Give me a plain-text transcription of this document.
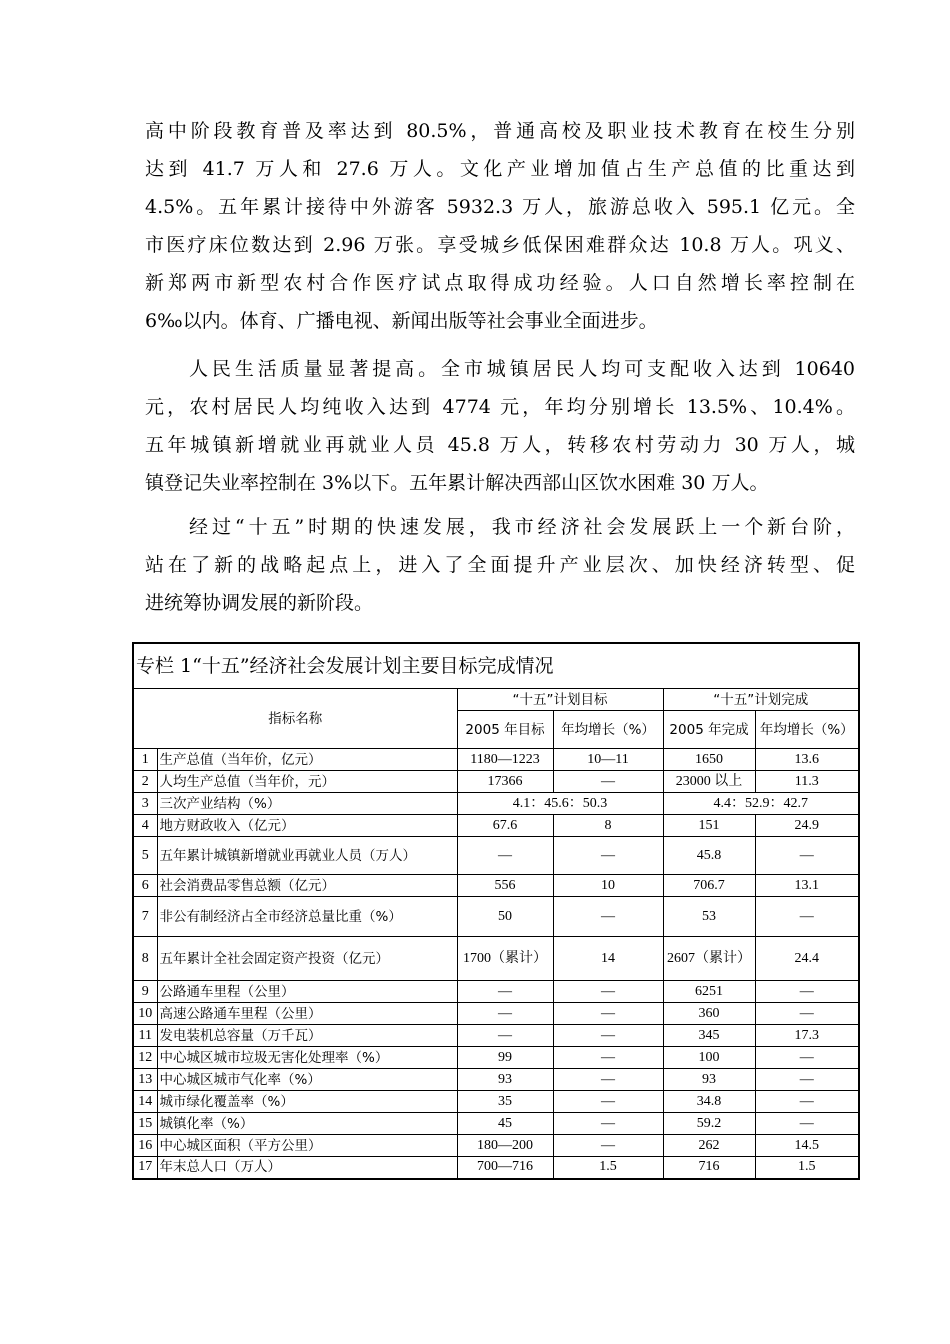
高中阶段教育普及率达到 80.5%，普通高校及职业技术教育在校生分别
达到 41.7 万人和 27.6 万人。文化产业增加值占生产总值的比重达到
4.5%。五年累计接待中外游客 5932.3 万人，旅游总收入 595.1 亿元。全
市医疗床位数达到 2.96 万张。享受城乡低保困难群众达 10.8 万人。巩义、
新郑两市新型农村合作医疗试点取得成功经验。人口自然增长率控制在
6‰以内。体育、广播电视、新闻出版等社会事业全面进步。
人民生活质量显著提高。全市城镇居民人均可支配收入达到 10640
元，农村居民人均纯收入达到 4774 元，年均分别增长 13.5%、10.4%。
五年城镇新增就业再就业人员 45.8 万人，转移农村劳动力 30 万人，城
镇登记失业率控制在 3%以下。五年累计解决西部山区饮水困难 30 万人。
经过“十五”时期的快速发展，我市经济社会发展跃上一个新台阶，
站在了新的战略起点上，进入了全面提升产业层次、加快经济转型、促
进统筹协调发展的新阶段。
专栏 1“十五”经济社会发展计划主要目标完成情况					
指标名称		“十五”计划目标		“十五”计划完成	
		2005 年目标	年均增长（%）	2005 年完成	年均增长（%）
1	生产总值（当年价，亿元）	1180—1223	10—11	1650	13.6
2	人均生产总值（当年价，元）	17366	—	23000 以上	11.3
3	三次产业结构（%）	4.1：45.6：50.3		4.4：52.9：42.7	
4	地方财政收入（亿元）	67.6	8	151	24.9
5	五年累计城镇新增就业再就业人员（万人）	—	—	45.8	—
6	社会消费品零售总额（亿元）	556	10	706.7	13.1
7	非公有制经济占全市经济总量比重（%）	50	—	53	—
8	五年累计全社会固定资产投资（亿元）	1700（累计）	14	2607（累计）	24.4
9	公路通车里程（公里）	—	—	6251	—
10	高速公路通车里程（公里）	—	—	360	—
11	发电装机总容量（万千瓦）	—	—	345	17.3
12	中心城区城市垃圾无害化处理率（%）	99	—	100	—
13	中心城区城市气化率（%）	93	—	93	—
14	城市绿化覆盖率（%）	35	—	34.8	—
15	城镇化率（%）	45	—	59.2	—
16	中心城区面积（平方公里）	180—200	—	262	14.5
17	年末总人口（万人）	700—716	1.5	716	1.5
